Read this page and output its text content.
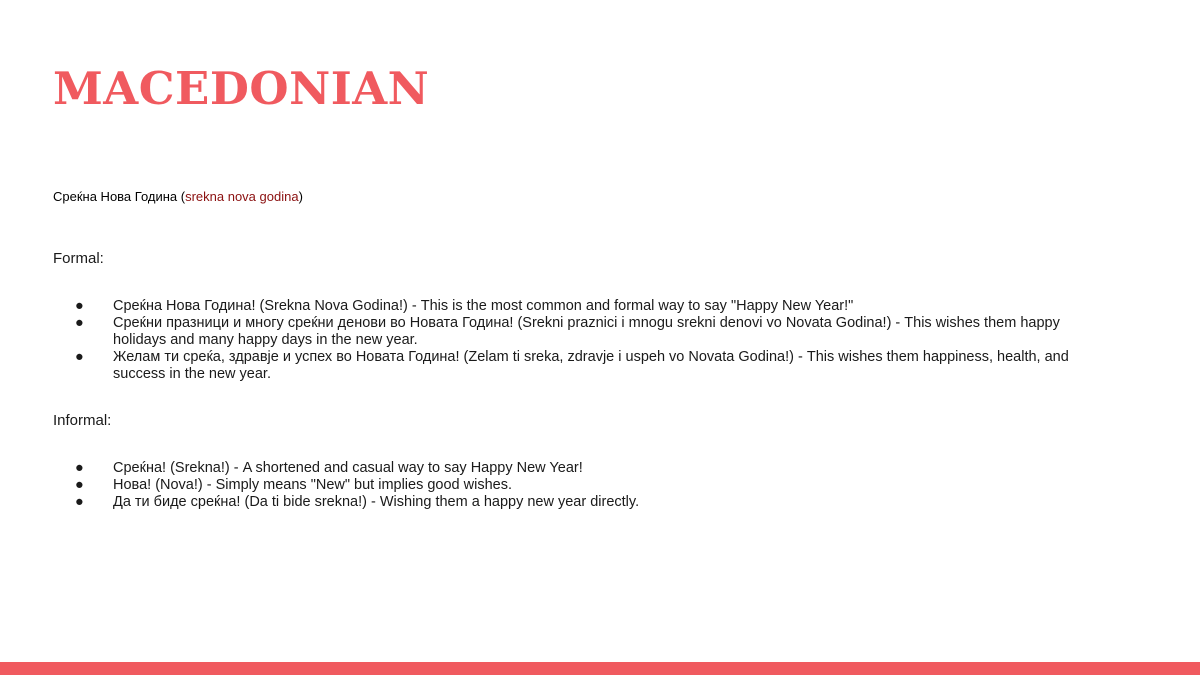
MACEDONIAN
Среќна Нова Година (srekna nova godina)
Formal:
● Среќна Нова Година! (Srekna Nova Godina!) - This is the most common and formal way to say "Happy New Year!"
● Среќни празници и многу среќни денови во Новата Година! (Srekni praznici i mnogu srekni denovi vo Novata Godina!) - This wishes them happy holidays and many happy days in the new year.
● Желам ти среќа, здравје и успех во Новата Година! (Zelam ti sreka, zdravje i uspeh vo Novata Godina!) - This wishes them happiness, health, and success in the new year.
Informal:
● Среќна! (Srekna!) - A shortened and casual way to say Happy New Year!
● Нова! (Nova!) - Simply means "New" but implies good wishes.
● Да ти биде среќна! (Da ti bide srekna!) - Wishing them a happy new year directly.
